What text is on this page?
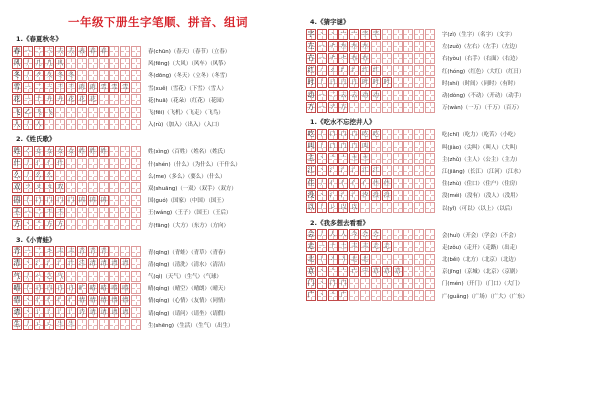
一年级下册生字笔顺、拼音、组词
1.《春夏秋冬》
春 一 二 三 夫 夫 表 春 春	春(chūn)（春天）（春节）（立春）
风 丿 几 几 风	风(fēng)（大风）（风车）（风筝）
冬 丿 ク 夂 冬 冬	冬(dōng)（冬天）（立冬）（冬雪）
雪 一 二 三 干 干 雨 雨 雪 雪 雪	雪(xuě)（雪花）（下雪）（雪人）
花 一 十 廾 廾 花 花 花	花(huā)（花朵）（红花）（花园）
飞 乙 飞 飞	飞(fēi)（飞机）（飞走）（飞鸟）
入 丿 入	入(rù)（加入）（出入）（入口）
2.《姓氏歌》
姓 く 女 女 女 女 姓 姓 姓	姓(xìng)（百姓）（姓名）（姓氏）
什 丿 亻 亻 什	什(shén)（什么）（为什么）（干什么）
么 丿 么 么	么(me)（多么）（要么）（什么）
双 フ ヌ ヌ 双	双(shuāng)（一双）（双手）（双方）
国 丨 冂 冂 冂 冂 国 国 国	国(guó)（国家）（中国）（国王）
王 一 二 干 王	王(wáng)（王子）（国王）（王后）
方 丶 亠 方 方	方(fāng)（大方）（东方）（方向）
3.《小青蛙》
青 一 二 キ 丰 丰 青 青 青	青(qīng)（青蛙）（青草）（青春）
清 丶 氵 氵 氵 汁 洼 清 清 清 清	清(qīng)（清洗）（清水）（清洁）
气 丿 𠂉 乞 气	气(qì)（天气）（生气）（气球）
晴 丨 日 日 日 日 旷 晴 晴 晴 晴	晴(qíng)（晴空）（晴朗）（晴天）
情 丶 忄 忄 忄 忄 情 情 情 情 情	情(qíng)（心情）（友情）（同情）
请 丶 讠 讠 讠 讠 诗 请 请 请 请	请(qǐng)（请问）（请坐）（请假）
生 丿 ㄴ ㄴ 生 生	生(shēng)（生活）（生气）（出生）
4.《猜字谜》
字 丶 丶 宀 宀 字 字	字(zì)（生字）（名字）（文字）
左 一 ナ 左 左 左	左(zuǒ)（左右）（左手）（左边）
右 一 ナ ナ 右 右	右(yòu)（右手）（右面）（右边）
红 ㄑ ㄠ 纟 纟 红 红	红(hóng)（红色）（大红）（红日）
时 丨 日 日 日 时 时 时	时(shí)（时间）（同时）（有时）
动 一 二 云 云 动 动	动(dòng)（不动）（开动）（动手）
万 一 ア 万	万(wàn)（一万）（千万）（百万）
1.《吃水不忘挖井人》
吃 丨 口 口 口 吃 吃	吃(chī)（吃力）（吃苦）（小吃）
叫 丨 口 口 口 叫	叫(jiào)（尖叫）（叫人）（大叫）
主 丶 亠 亠 主 主	主(zhǔ)（主人）（公主）（主力）
江 丶 氵 氵 氵 江 江	江(jiāng)（长江）（江河）（江水）
住 丿 亻 亻 亻 亻 住 住	住(zhù)（住口）（住户）（住房）
没 丶 氵 氵 氵 汐 没 没	没(méi)（没有）（没人）（没用）
以 丨 レ 以 以	以(yǐ)（可以）（以上）（以后）
2.《我多想去看看》
会 丿 人 人 今 会 会	会(huì)（开会）（学会）（不会）
走 一 十 土 丰 丰 走 走	走(zǒu)（走开）（走路）（出走）
北 丨 丬 丬 北 北	北(běi)（北方）（北京）（北边）
京 丶 亠 亠 亡 宁 京 京 京	京(jīng)（京城）（北京）（京剧）
门 丶 门 门	门(mén)（开门）（门口）（大门）
广 丶 亠 广	广(guǎng)（广场）（广大）（广东）
